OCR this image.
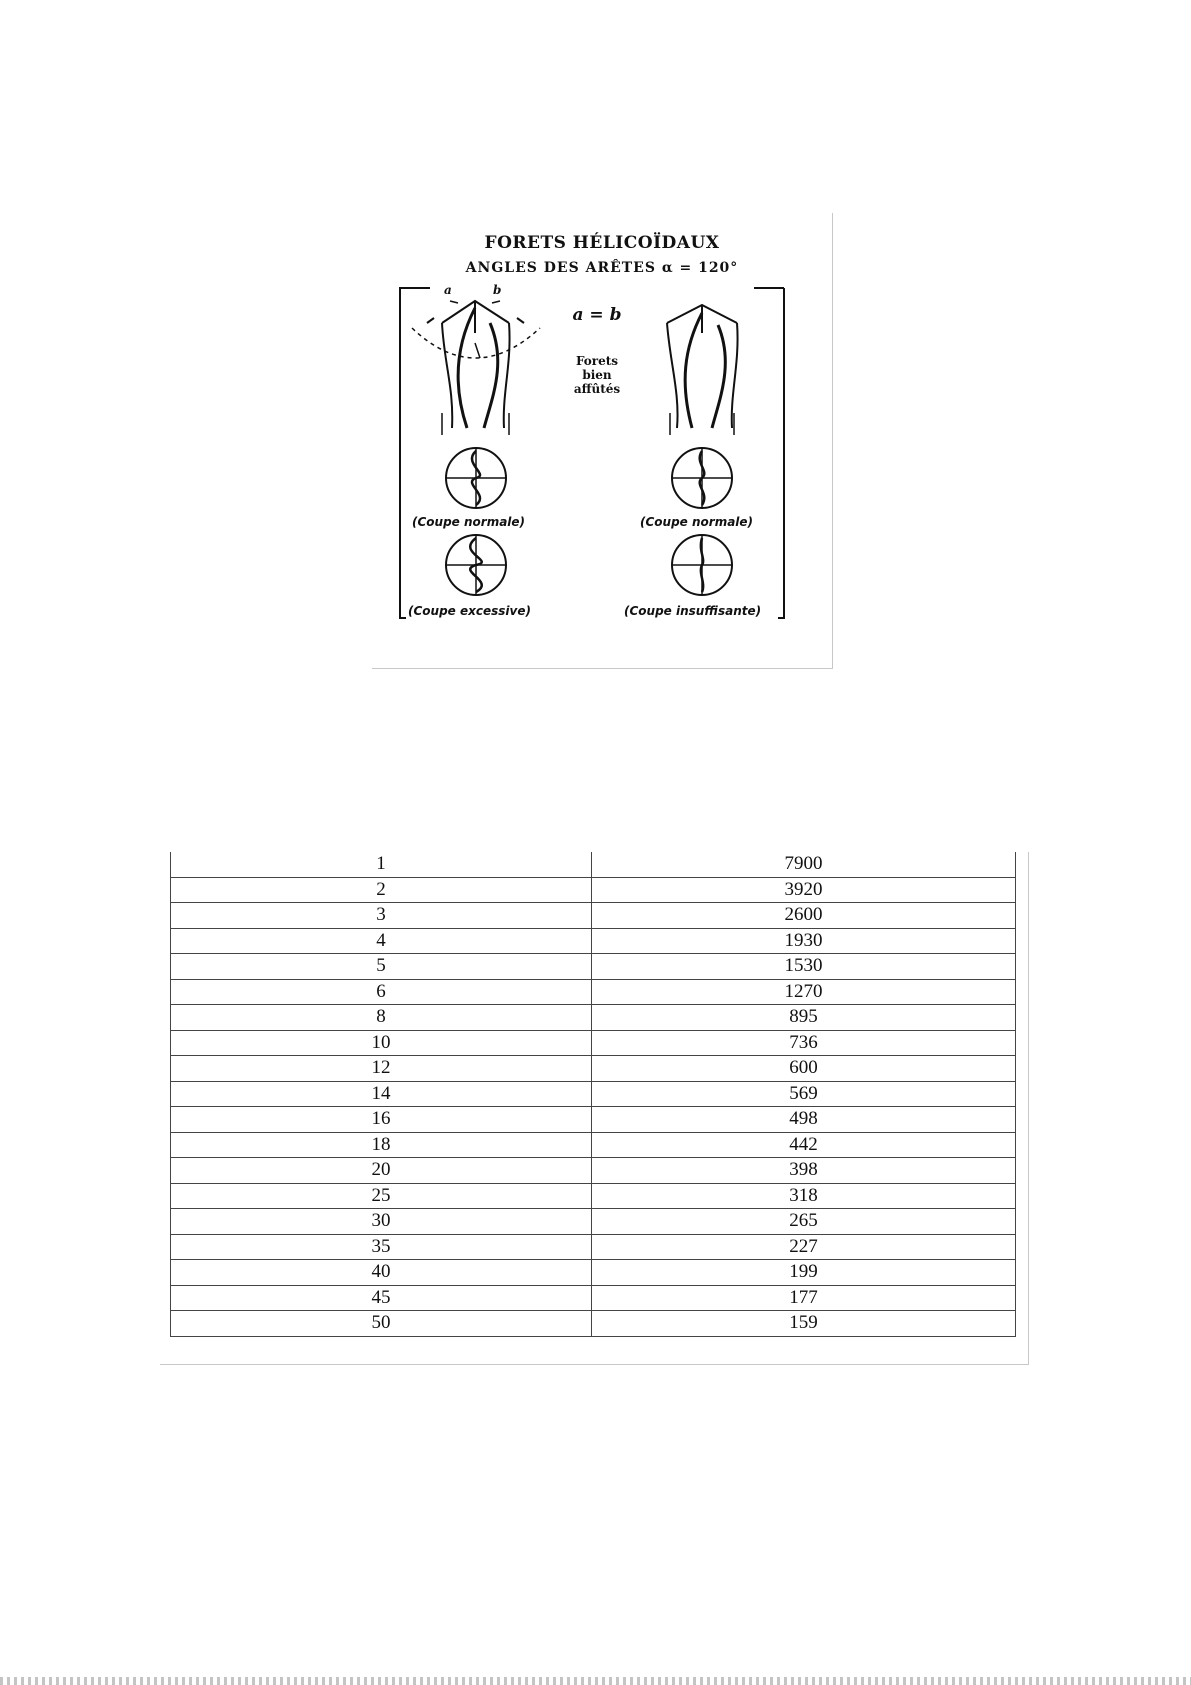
FORETS HÉLICOÏDAUX
ANGLES DES ARÊTES α = 120°
a	b
a = b
Forets
bien
affûtés
(Coupe normale)	(Coupe normale)
(Coupe excessive)	(Coupe insuffisante)
1	7900
2	3920
3	2600
4	1930
5	1530
6	1270
8	895
10	736
12	600
14	569
16	498
18	442
20	398
25	318
30	265
35	227
40	199
45	177
50	159
